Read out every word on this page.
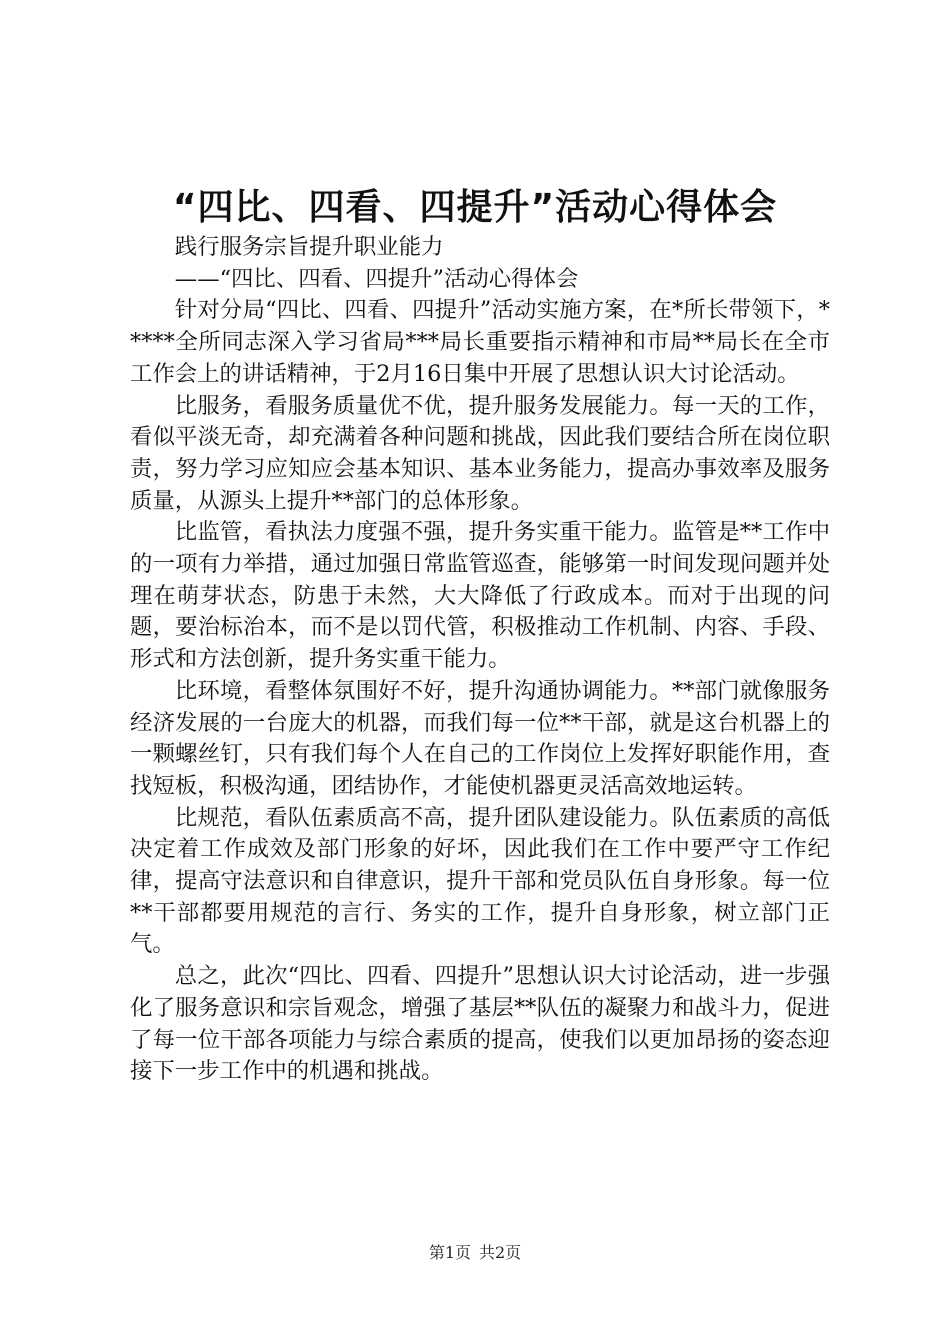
“四比、四看、四提升”活动心得体会

践行服务宗旨提升职业能力

——“四比、四看、四提升”活动心得体会

针对分局“四比、四看、四提升”活动实施方案，在*所长带领下，*****全所同志深入学习省局***局长重要指示精神和市局**局长在全市工作会上的讲话精神，于2月16日集中开展了思想认识大讨论活动。

比服务，看服务质量优不优，提升服务发展能力。每一天的工作，看似平淡无奇，却充满着各种问题和挑战，因此我们要结合所在岗位职责，努力学习应知应会基本知识、基本业务能力，提高办事效率及服务质量，从源头上提升**部门的总体形象。

比监管，看执法力度强不强，提升务实重干能力。监管是**工作中的一项有力举措，通过加强日常监管巡查，能够第一时间发现问题并处理在萌芽状态，防患于未然，大大降低了行政成本。而对于出现的问题，要治标治本，而不是以罚代管，积极推动工作机制、内容、手段、形式和方法创新，提升务实重干能力。

比环境，看整体氛围好不好，提升沟通协调能力。**部门就像服务经济发展的一台庞大的机器，而我们每一位**干部，就是这台机器上的一颗螺丝钉，只有我们每个人在自己的工作岗位上发挥好职能作用，查找短板，积极沟通，团结协作，才能使机器更灵活高效地运转。

比规范，看队伍素质高不高，提升团队建设能力。队伍素质的高低决定着工作成效及部门形象的好坏，因此我们在工作中要严守工作纪律，提高守法意识和自律意识，提升干部和党员队伍自身形象。每一位**干部都要用规范的言行、务实的工作，提升自身形象，树立部门正气。

总之，此次“四比、四看、四提升”思想认识大讨论活动，进一步强化了服务意识和宗旨观念，增强了基层**队伍的凝聚力和战斗力，促进了每一位干部各项能力与综合素质的提高，使我们以更加昂扬的姿态迎接下一步工作中的机遇和挑战。

第1页 共2页
